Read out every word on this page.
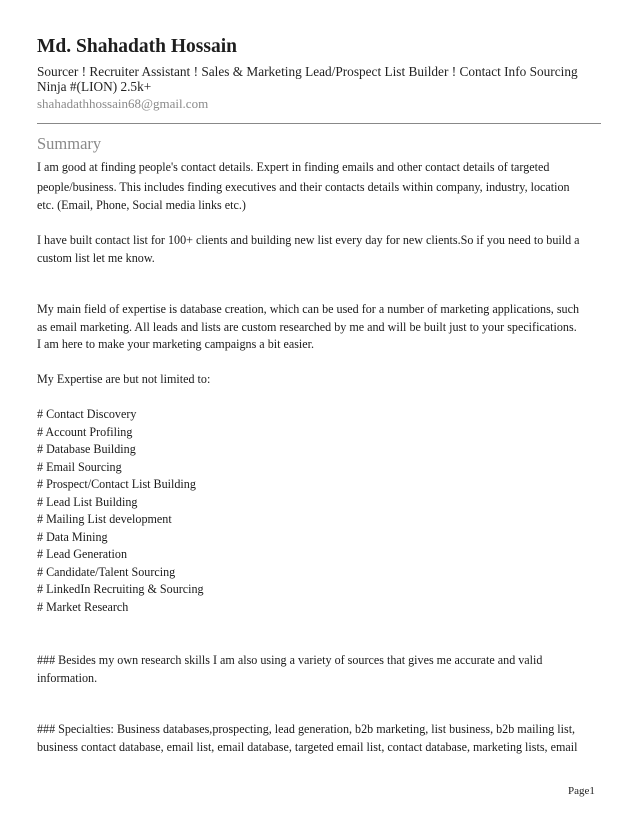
Md. Shahadath Hossain
Sourcer ! Recruiter Assistant ! Sales & Marketing Lead/Prospect List Builder ! Contact Info Sourcing Ninja #(LION) 2.5k+
shahadathhossain68@gmail.com
Summary
I am good at finding people's contact details. Expert in finding emails and other contact details of targeted
people/business. This includes finding executives and their contacts details within company, industry, location
etc. (Email, Phone, Social media links etc.)
I have built contact list for 100+ clients and building new list every day for new clients.So if you need to build a
custom list let me know.
My main field of expertise is database creation, which can be used for a number of marketing applications, such
as email marketing. All leads and lists are custom researched by me and will be built just to your specifications.
I am here to make your marketing campaigns a bit easier.
My Expertise are but not limited to:
# Contact Discovery
# Account Profiling
# Database Building
# Email Sourcing
# Prospect/Contact List Building
# Lead List Building
# Mailing List development
# Data Mining
# Lead Generation
# Candidate/Talent Sourcing
# LinkedIn Recruiting & Sourcing
# Market Research
### Besides my own research skills I am also using a variety of sources that gives me accurate and valid
information.
### Specialties: Business databases,prospecting, lead generation, b2b marketing, list business, b2b mailing list,
business contact database, email list, email database, targeted email list, contact database, marketing lists, email
Page1
